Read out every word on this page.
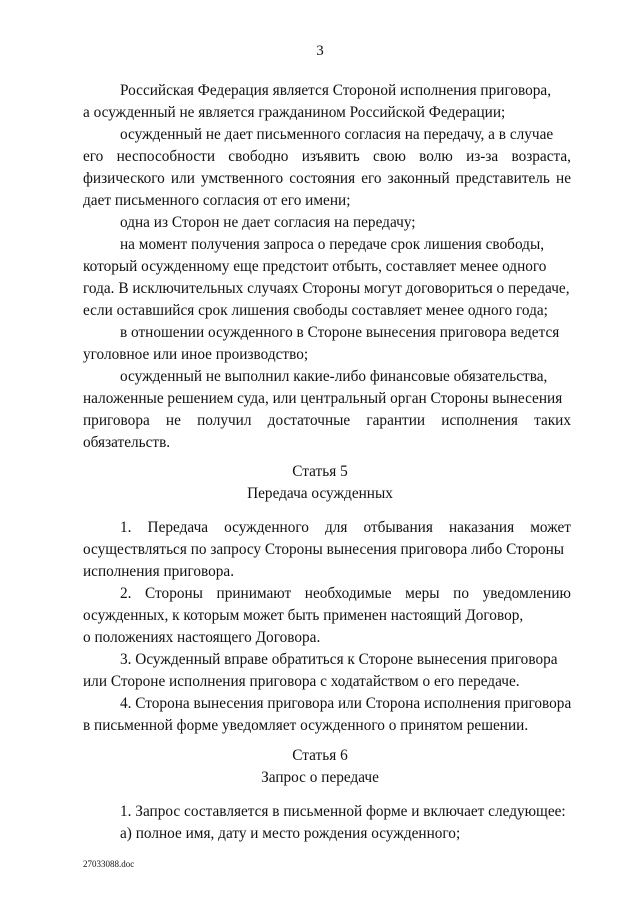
3
Российская Федерация является Стороной исполнения приговора,
а осужденный не является гражданином Российской Федерации;
осужденный не дает письменного согласия на передачу, а в случае
его неспособности свободно изъявить свою волю из-за возраста,
физического или умственного состояния его законный представитель не
дает письменного согласия от его имени;
одна из Сторон не дает согласия на передачу;
на момент получения запроса о передаче срок лишения свободы,
который осужденному еще предстоит отбыть, составляет менее одного
года. В исключительных случаях Стороны могут договориться о передаче,
если оставшийся срок лишения свободы составляет менее одного года;
в отношении осужденного в Стороне вынесения приговора ведется
уголовное или иное производство;
осужденный не выполнил какие-либо финансовые обязательства,
наложенные решением суда, или центральный орган Стороны вынесения
приговора не получил достаточные гарантии исполнения таких
обязательств.
Статья 5
Передача осужденных
1. Передача осужденного для отбывания наказания может
осуществляться по запросу Стороны вынесения приговора либо Стороны
исполнения приговора.
2. Стороны принимают необходимые меры по уведомлению
осужденных, к которым может быть применен настоящий Договор,
о положениях настоящего Договора.
3. Осужденный вправе обратиться к Стороне вынесения приговора
или Стороне исполнения приговора с ходатайством о его передаче.
4. Сторона вынесения приговора или Сторона исполнения приговора
в письменной форме уведомляет осужденного о принятом решении.
Статья 6
Запрос о передаче
1. Запрос составляется в письменной форме и включает следующее:
а) полное имя, дату и место рождения осужденного;
27033088.doc
